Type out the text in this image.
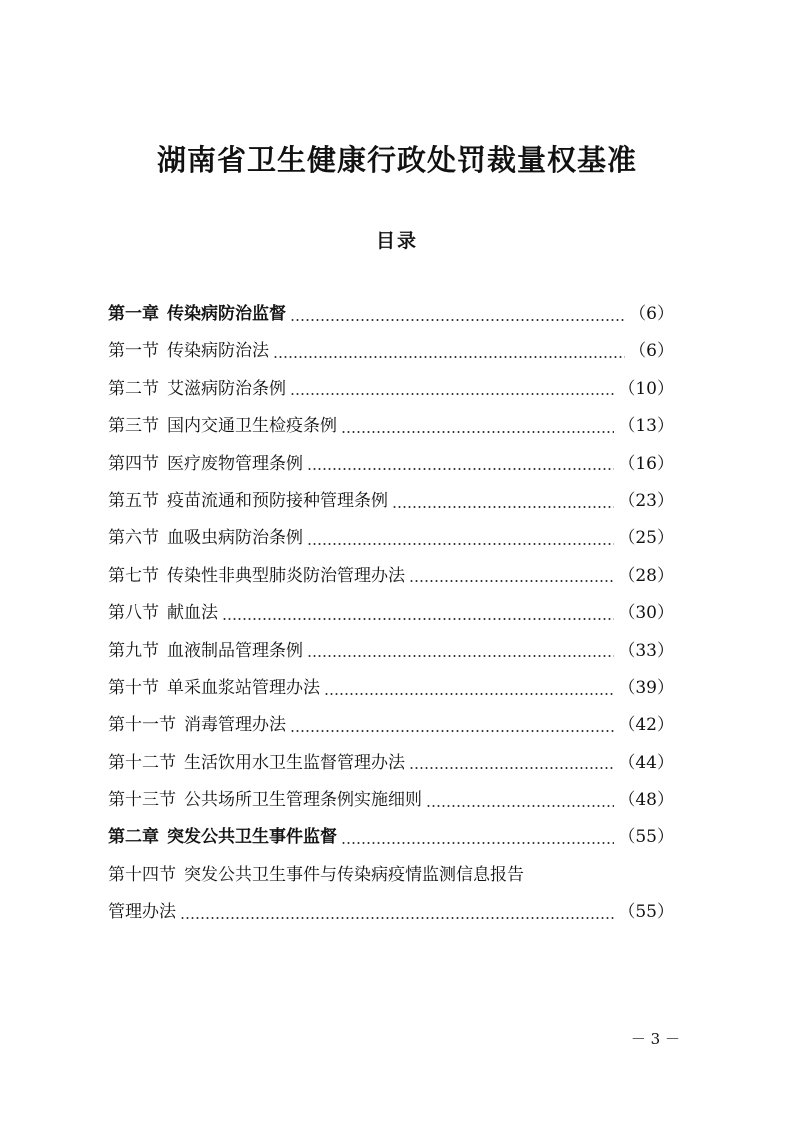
湖南省卫生健康行政处罚裁量权基准
目录
第一章 传染病防治监督	（6）
第一节 传染病防治法	（6）
第二节 艾滋病防治条例	（10）
第三节 国内交通卫生检疫条例	（13）
第四节 医疗废物管理条例	（16）
第五节 疫苗流通和预防接种管理条例	（23）
第六节 血吸虫病防治条例	（25）
第七节 传染性非典型肺炎防治管理办法	（28）
第八节 献血法	（30）
第九节 血液制品管理条例	（33）
第十节 单采血浆站管理办法	（39）
第十一节 消毒管理办法	（42）
第十二节 生活饮用水卫生监督管理办法	（44）
第十三节 公共场所卫生管理条例实施细则	（48）
第二章 突发公共卫生事件监督	（55）
第十四节 突发公共卫生事件与传染病疫情监测信息报告
管理办法	（55）
－ 3 －
